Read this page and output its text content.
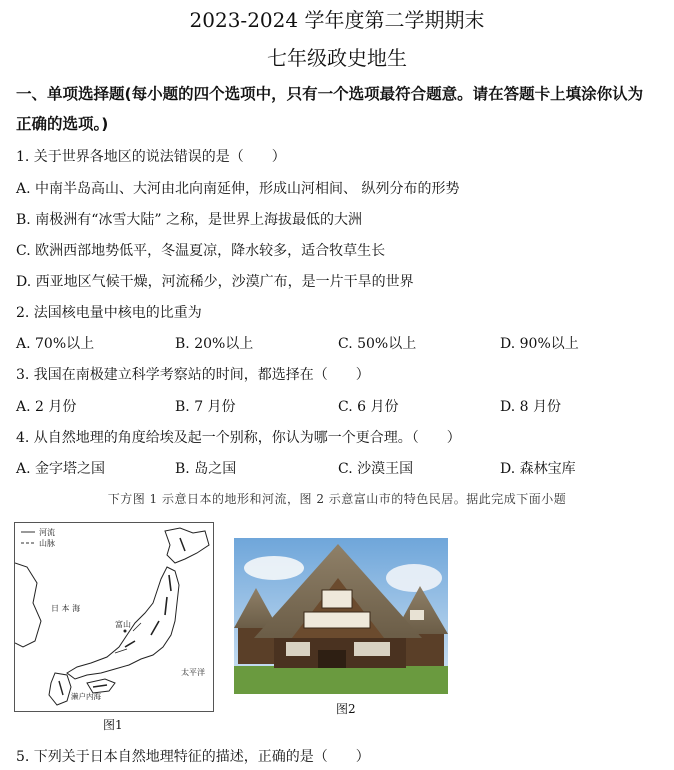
2023-2024 学年度第二学期期末
七年级政史地生
一、单项选择题(每小题的四个选项中，只有一个选项最符合题意。请在答题卡上填涂你认为
正确的选项。)
1. 关于世界各地区的说法错误的是（　　）
A. 中南半岛高山、大河由北向南延伸，形成山河相间、 纵列分布的形势
B. 南极洲有“冰雪大陆” 之称，是世界上海拔最低的大洲
C. 欧洲西部地势低平，冬温夏凉，降水较多，适合牧草生长
D. 西亚地区气候干燥，河流稀少，沙漠广布，是一片干旱的世界
2. 法国核电量中核电的比重为
A. 70%以上	B. 20%以上	C. 50%以上	D. 90%以上
3. 我国在南极建立科学考察站的时间，都选择在（　　）
A. 2 月份	B. 7 月份	C. 6 月份	D. 8 月份
4. 从自然地理的角度给埃及起一个别称，你认为哪一个更合理。（　　）
A. 金字塔之国	B. 岛之国	C. 沙漠王国	D. 森林宝库
下方图 1 示意日本的地形和河流，图 2 示意富山市的特色民居。据此完成下面小题
河流
山脉
日 本 海
富山
太平洋
濑户内海
图1
图2
5. 下列关于日本自然地理特征的描述，正确的是（　　）
